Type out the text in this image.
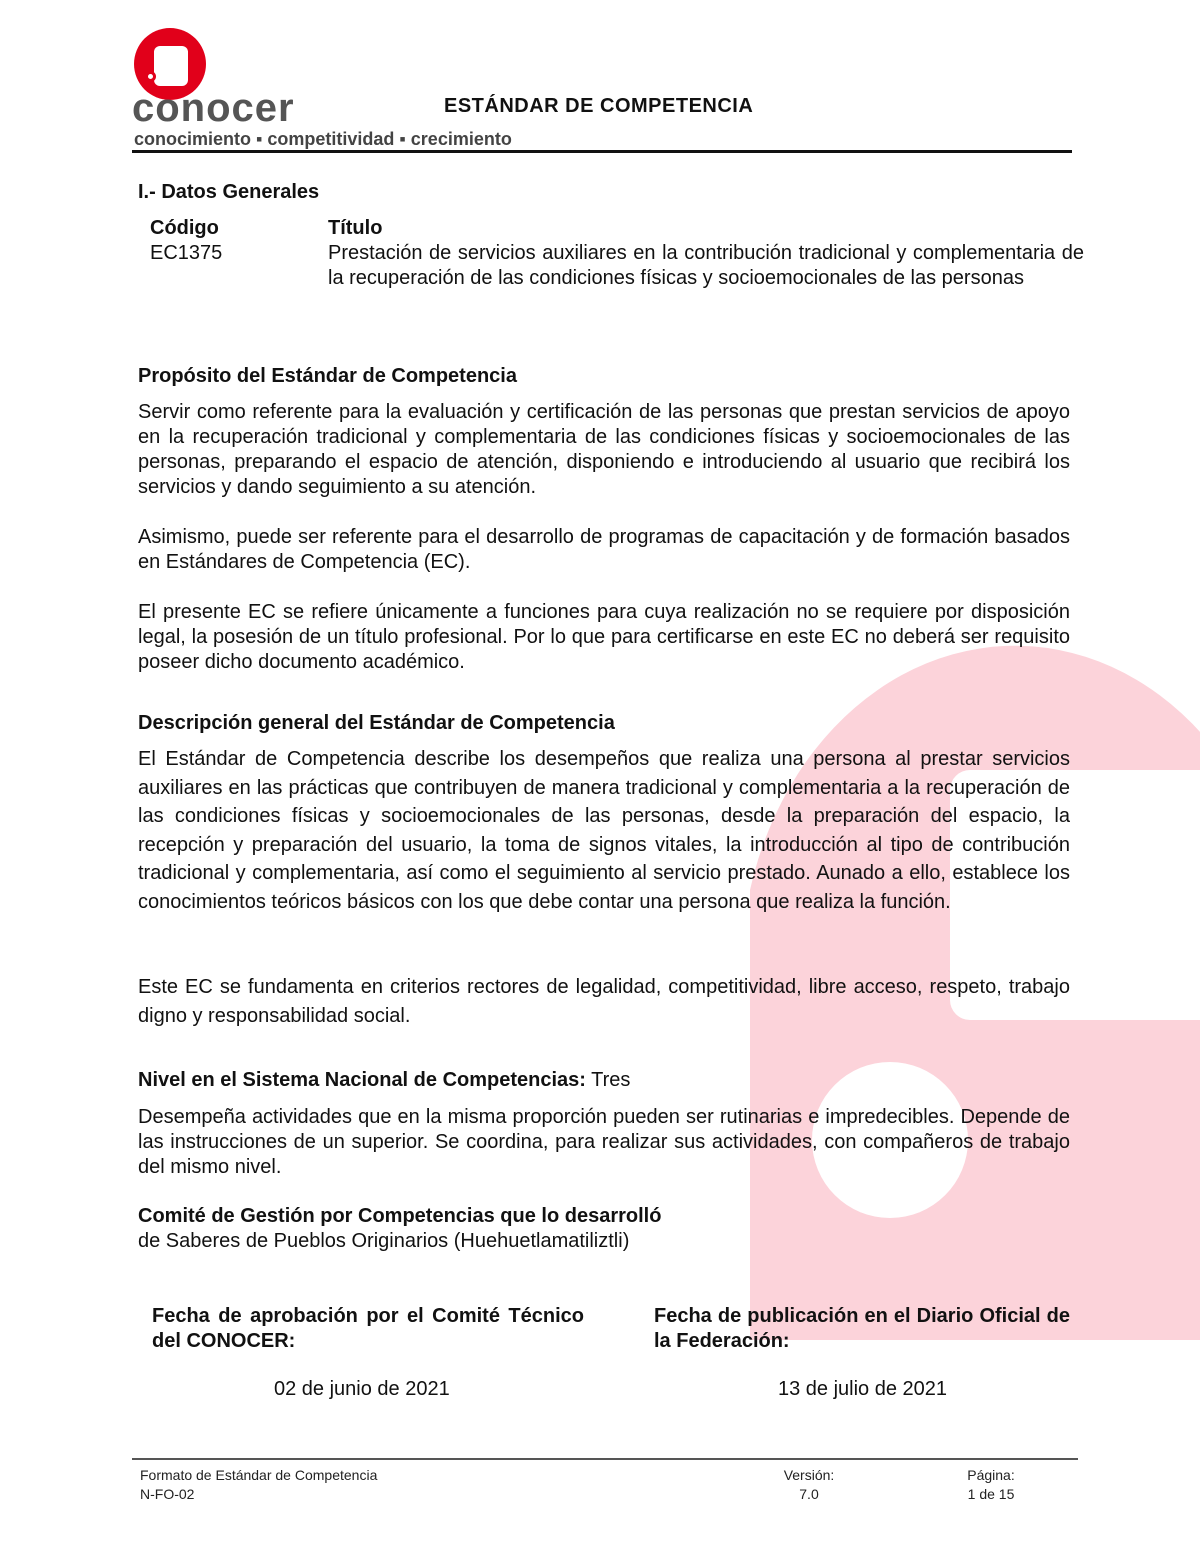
conocer
conocimiento ▪ competitividad ▪ crecimiento
ESTÁNDAR DE COMPETENCIA
I.- Datos Generales
Código
EC1375
Título
Prestación de servicios auxiliares en la contribución tradicional y complementaria de la recuperación de las condiciones físicas y socioemocionales de las personas
Propósito del Estándar de Competencia
Servir como referente para la evaluación y certificación de las personas que prestan servicios de apoyo en la recuperación tradicional y complementaria de las condiciones físicas y socioemocionales de las personas, preparando el espacio de atención, disponiendo e introduciendo al usuario que recibirá los servicios y dando seguimiento a su atención.
Asimismo, puede ser referente para el desarrollo de programas de capacitación y de formación basados en Estándares de Competencia (EC).
El presente EC se refiere únicamente a funciones para cuya realización no se requiere por disposición legal, la posesión de un título profesional. Por lo que para certificarse en este EC no deberá ser requisito poseer dicho documento académico.
Descripción general del Estándar de Competencia
El Estándar de Competencia describe los desempeños que realiza una persona al prestar servicios auxiliares en las prácticas que contribuyen de manera tradicional y complementaria a la recuperación de las condiciones físicas y socioemocionales de las personas, desde la preparación del espacio, la recepción y preparación del usuario, la toma de signos vitales, la introducción al tipo de contribución tradicional y complementaria, así como el seguimiento al servicio prestado. Aunado a ello, establece los conocimientos teóricos básicos con los que debe contar una persona que realiza la función.
Este EC se fundamenta en criterios rectores de legalidad, competitividad, libre acceso, respeto, trabajo digno y responsabilidad social.
Nivel en el Sistema Nacional de Competencias: Tres
Desempeña actividades que en la misma proporción pueden ser rutinarias e impredecibles. Depende de las instrucciones de un superior. Se coordina, para realizar sus actividades, con compañeros de trabajo del mismo nivel.
Comité de Gestión por Competencias que lo desarrolló
de Saberes de Pueblos Originarios (Huehuetlamatiliztli)
Fecha de aprobación por el Comité Técnico del CONOCER:
02 de junio de 2021
Fecha de publicación en el Diario Oficial de la Federación:
13 de julio de 2021
Formato de Estándar de Competencia
N-FO-02
Versión:
7.0
Página:
1 de 15
